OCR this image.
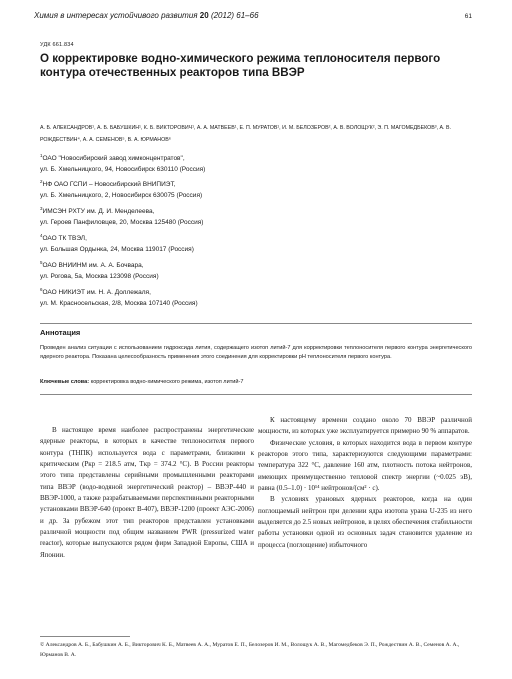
Химия в интересах устойчивого развития 20 (2012) 61–66	61
УДК 661.834
О корректировке водно-химического режима теплоносителя первого контура отечественных реакторов типа ВВЭР
А. Б. АЛЕКСАНДРОВ¹, А. Б. БАБУШКИН¹, К. Б. ВИКТОРОВИЧ¹, А. А. МАТВЕЕВ¹, Е. П. МУРАТОВ¹, И. М. БЕЛОЗЕРОВ², А. В. ВОЛОЩУК², Э. П. МАГОМЕДБЕКОВ³, А. В. РОЖДЕСТВИН⁴, А. А. СЕМЕНОВ⁵, В. А. ЮРМАНОВ⁶
$^1$ОАО "Новосибирский завод химконцентратов",
ул. Б. Хмельницкого, 94, Новосибирск 630110 (Россия)
$^2$НФ ОАО ГСПИ – Новосибирский ВНИПИЭТ,
ул. Б. Хмельницкого, 2, Новосибирск 630075 (Россия)
$^3$ИМСЭН РХТУ им. Д. И. Менделеева,
ул. Героев Панфиловцев, 20, Москва 125480 (Россия)
$^4$ОАО ТК ТВЭЛ,
ул. Большая Ордынка, 24, Москва 119017 (Россия)
$^5$ОАО ВНИИНМ им. А. А. Бочвара,
ул. Рогова, 5а, Москва 123098 (Россия)
$^6$ОАО НИКИЭТ им. Н. А. Доллежаля,
ул. М. Красносельская, 2/8, Москва 107140 (Россия)
Аннотация
Проведен анализ ситуации с использованием гидроксида лития, содержащего изотоп литий-7 для корректировки теплоносителя первого контура энергетического ядерного реактора. Показана целесообразность применения этого соединения для корректировки pH теплоносителя первого контура.
Ключевые слова: корректировка водно-химического режима, изотоп литий-7
В настоящее время наиболее распространены энергетические ядерные реакторы, в которых в качестве теплоносителя первого контура (ТНПК) используется вода с параметрами, близкими к критическим (Pкр = 218.5 атм, Tкр = 374.2 °C). В России реакторы этого типа представлены серийными промышленными реакторами типа ВВЭР (водо-водяной энергетический реактор) – ВВЭР-440 и ВВЭР-1000, а также разрабатываемыми перспективными реакторными установками ВВЭР-640 (проект В-407), ВВЭР-1200 (проект АЭС-2006) и др. За рубежом этот тип реакторов представлен установками различной мощности под общим названием PWR (pressurized water reactor), которые выпускаются рядом фирм Западной Европы, США и Японии.

К настоящему времени создано около 70 ВВЭР различной мощности, из которых уже эксплуатируется примерно 90 % аппаратов.

Физические условия, в которых находится вода в первом контуре реакторов этого типа, характеризуются следующими параметрами: температура 322 °C, давление 160 атм, плотность потока нейтронов, имеющих преимущественно тепловой спектр энергии (~0.025 эВ), равна (0.5–1.0) · 10¹⁴ нейтронов/(см² · с).

В условиях урановых ядерных реакторов, когда на один поглощаемый нейтрон при делении ядра изотопа урана U-235 из него выделяется до 2.5 новых нейтронов, в целях обеспечения стабильности работы установки одной из основных задач становится удаление из процесса (поглощение) избыточного

© Александров А. Б., Бабушкин А. Б., Викторович К. Б., Матвеев А. А., Муратов Е. П., Белозеров И. М., Волощук А. В., Магомедбеков Э. П., Рождествин А. В., Семенов А. А., Юрманов В. А.
